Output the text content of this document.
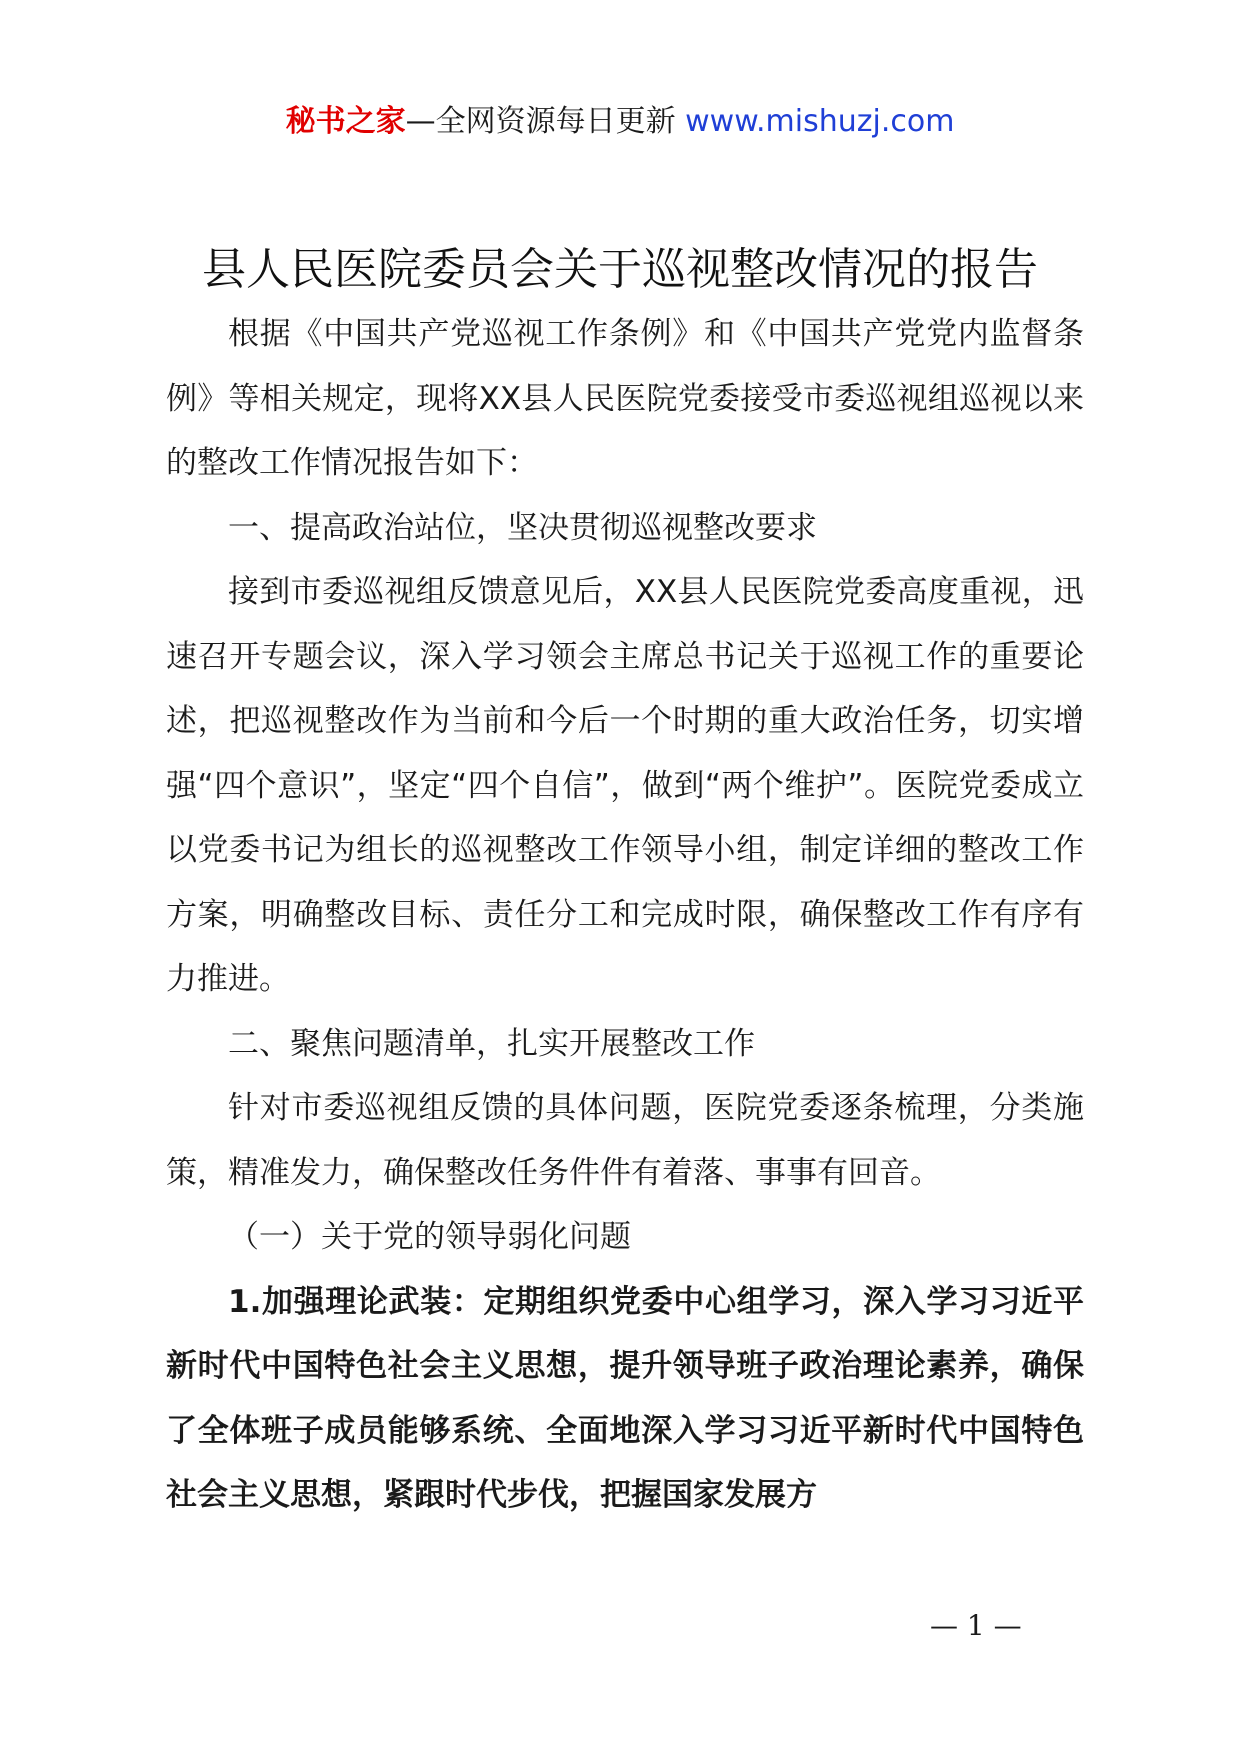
秘书之家—全网资源每日更新 www.mishuzj.com
县人民医院委员会关于巡视整改情况的报告

根据《中国共产党巡视工作条例》和《中国共产党党内监督条例》等相关规定，现将XX县人民医院党委接受市委巡视组巡视以来的整改工作情况报告如下：

一、提高政治站位，坚决贯彻巡视整改要求

接到市委巡视组反馈意见后，XX县人民医院党委高度重视，迅速召开专题会议，深入学习领会主席总书记关于巡视工作的重要论述，把巡视整改作为当前和今后一个时期的重大政治任务，切实增强“四个意识”，坚定“四个自信”，做到“两个维护”。医院党委成立以党委书记为组长的巡视整改工作领导小组，制定详细的整改工作方案，明确整改目标、责任分工和完成时限，确保整改工作有序有力推进。

二、聚焦问题清单，扎实开展整改工作

针对市委巡视组反馈的具体问题，医院党委逐条梳理，分类施策，精准发力，确保整改任务件件有着落、事事有回音。

（一）关于党的领导弱化问题

1.加强理论武装：定期组织党委中心组学习，深入学习习近平新时代中国特色社会主义思想，提升领导班子政治理论素养，确保了全体班子成员能够系统、全面地深入学习习近平新时代中国特色社会主义思想，紧跟时代步伐，把握国家发展方

— 1 —
